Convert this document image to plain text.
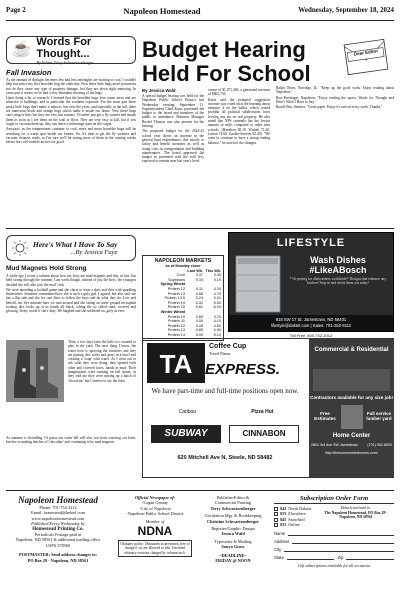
Page 2	Napoleon Homestead	Wednesday, September 18, 2024
☕ Words For Thought...
By Editor Terry Schwartzenberger
Fall Invasion

As the amount of daylight becomes less and less and nights are starting to cool, I couldn't help but notice my first boxelder bug the other day. Now these little bugs aren't poisonous nor do they cause any type of property damage, but they are down right annoying. In years past it seems we've had a very abundant showing of the bugs.

Upon doing a bit of research, I learned that the boxelder bugs love warm areas and are attracted to buildings, and in particular the southern exposure. For the most part these pesky little bugs don't make it indoors, but over the years, and especially in the fall, there are numerous black and orange bugs which make it inside our home. Now these bugs can't sting or bite, but they are very fast runners. I'd rather just get a fly swatter and smash them as soon as I see them on the wall or floor. They are very easy to kill, but if you forget to vacuum them up, they can leave a red/orange stain on the carpet.

Anyways, as the temperatures continue to cool, more and more boxelder bugs will be searching for a warm spot inside our homes. So, it's time to get the fly swatters and vacuum cleaners ready, as I'm sure we'll be seeing more of them in the coming weeks before the cold weather arrives for good.

Budget Hearing Held For School
By Jessica Wald

A special budget hearing was held for the Napoleon Public School District last Wednesday evening, September 11. Superintendent Chad Kurtz presented the budget to the board and members of the public in attendance. Business Manager Rachel Thomas was also present for the hearing.

The proposed budget for the 2024-25 school year shows an increase in the general fund expenditures, due mostly to salary and benefit increases as well as rising costs in transportation and building maintenance. The board approved the budget as presented with the mill levy expected to remain near last year's level.

crease of $1,071,406, a generated increase of $802,736.

Kurtz said the potential suggestion increase was voted on at the learning about measure 4 on the ballot, which would prohibit all political subdivisions from levying any tax on real property. He also noted that NPS currently has the lowest amount of mills compared to other area schools: (Hazelton 68.18, Wishek 71.20, Linton 74.60, Gackle-Streeter 82.40). "We want to continue to have a strong ending balance," he noted of the changes.

Dear Editor

Ralph Olsen, Norridge, IL: "Keep up the good work. Enjoy reading about Napoleon."

Ron Kreitinger, Napoleon: "Enjoy reading the sports, Words for Thought and Here's What I Have to Say."

Randy Ben, Streeter: "Great paper. Enjoy it's arrival every week. Thanks."

Here's What I Have To Say
...By Jessica Faye
Mud Magnets Hold Strong

A while ago I wrote a column about how my boys are mud magnets and this, in fact, has held strong through the summer. Last week though, instead of just the boys, the youngest decided she will also join 'the mud' club.

We were attending a football game and she chose to wear a skirt and shirt with sparkling rhinestones. Someone commented how she is such a girly girl. I agreed, but also said she has a flip side and she for sure likes to follow the boys and do what they do. Low and behold, not five minutes later we turn around and she sitting on some ground an asphalt looking dirt, looks up at us hands all black, sifting the so called sand, covered and glowing. In my world if she's dirty. We laughed and she soldiered on, girly as ever.

Then, a few days later the little two wanted to play in the yard. The next thing I know, the water hose is spraying the windows and they are putting dirt, rocks and grass in a bowl and creating a 'soup' with water. As I went out to ask what they were doing, they opened each other and covered faces, hands in mud. Their imaginations were running on full steam, as they told me they were mixing up a batch of 'chocolate,' but Creative to say the least.

As summer is dwindling, I'd guess our water bill will also, not from watering our lawn, but due to making batches of 'chocolate' and continuing to be mud magnets.

NAPOLEON MARKETS
as of Monday close
Last Wk. This Wk.
Corn	3.37	3.30
Soybeans	9.33	9.19
Spring Wheat
Protein 12	4.11	4.34
Protein 13	4.56	4.79
Protein 13.5	5.24	5.01
Protein 14	5.41	5.54
Protein 15	5.81	6.04
Winter Wheat
Protein 10	3.65	3.70
Protein 11	4.05	4.10
Protein 12	4.45	4.50
Protein 13	4.85	4.90
Protein 14	5.05	5.10
LIFESTYLE
Wash Dishes #LikeABosch
* Or paying for dishwashers worldwide* Designs that enhance any kitchen! Stop in and check them out today!
918 SW 17 St. Jamestown, ND 58401
lifestyle@daktel.com | Sales: 701-252-8111
Toll Free: 800-732-2012
TA
Coffee Cup
Travel Plazas
EXPRESS.
We have part-time and full-time positions open now.
Caribou	Pizza Hut
SUBWAY	CINNABON
620 Mitchell Ave N, Steele, ND 58482
Commercial & Residential
Contractors available for any size job!
Free Estimates
Full service lumber yard
Home Center
2801 3rd Ave SW Jamestown	(701) 952-8000
http://thehomecenterhomes.com/
Napoleon Homestead
Phone: 701-754-2212
Email: homestead@bektel.com
www.napoleonhomestead.com
Published Every Wednesday by
Homestead Printing Co.
Periodicals Postage paid at
Napoleon, ND 58561 & additional mailing office
USPS 378960
POSTMASTER: Send address changes to:
PO Box 29 - Napoleon, ND 58561
Official Newspaper of:
-Logan County
-City of Napoleon
-Napoleon Public School District
Member of
NDNA
Obituary policy: Obituaries as presented, free of charge if we are allowed to edit. Unedited obituary versions charged by column inch.
Publisher/Editor &
Commercial Printing
Terry Schwartzenberger
Circulation Mgr. & Bookkeeping
Christine Schwartzenberger
Reporter/Graphic Design
Jessica Wald
Typesetter & Mailing
Sonya Gross
~DEADLINE~
FRIDAY @ NOON
Subscription Order Form
$42 North Dakota
$55 Elsewhere
$45 Snowbird
$55 Online
Detach and mail to:
The Napoleon Homestead, PO Box 29 - Napoleon, ND 58561
Name
Address
City
State	Zip
Gift subscriptions available for all occasions
